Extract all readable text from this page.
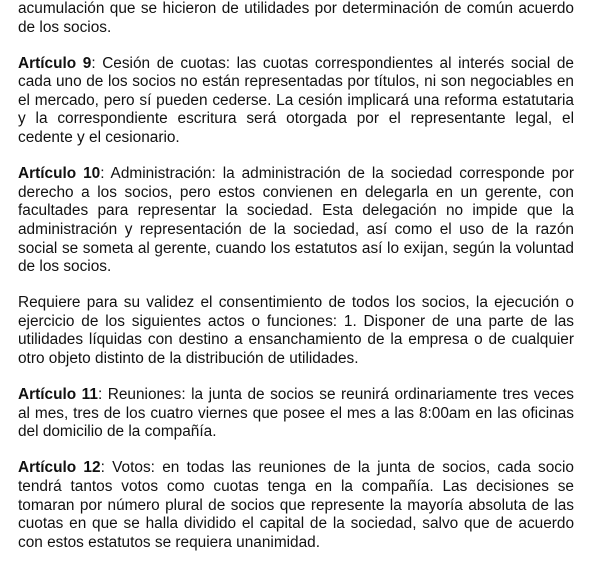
acumulación que se hicieron de utilidades por determinación de común acuerdo de los socios.

Artículo 9: Cesión de cuotas: las cuotas correspondientes al interés social de cada uno de los socios no están representadas por títulos, ni son negociables en el mercado, pero sí pueden cederse. La cesión implicará una reforma estatutaria y la correspondiente escritura será otorgada por el representante legal, el cedente y el cesionario.

Artículo 10: Administración: la administración de la sociedad corresponde por derecho a los socios, pero estos convienen en delegarla en un gerente, con facultades para representar la sociedad. Esta delegación no impide que la administración y representación de la sociedad, así como el uso de la razón social se someta al gerente, cuando los estatutos así lo exijan, según la voluntad de los socios.

Requiere para su validez el consentimiento de todos los socios, la ejecución o ejercicio de los siguientes actos o funciones: 1. Disponer de una parte de las utilidades líquidas con destino a ensanchamiento de la empresa o de cualquier otro objeto distinto de la distribución de utilidades.

Artículo 11: Reuniones: la junta de socios se reunirá ordinariamente tres veces al mes, tres de los cuatro viernes que posee el mes a las 8:00am en las oficinas del domicilio de la compañía.

Artículo 12: Votos: en todas las reuniones de la junta de socios, cada socio tendrá tantos votos como cuotas tenga en la compañía. Las decisiones se tomaran por número plural de socios que represente la mayoría absoluta de las cuotas en que se halla dividido el capital de la sociedad, salvo que de acuerdo con estos estatutos se requiera unanimidad.
